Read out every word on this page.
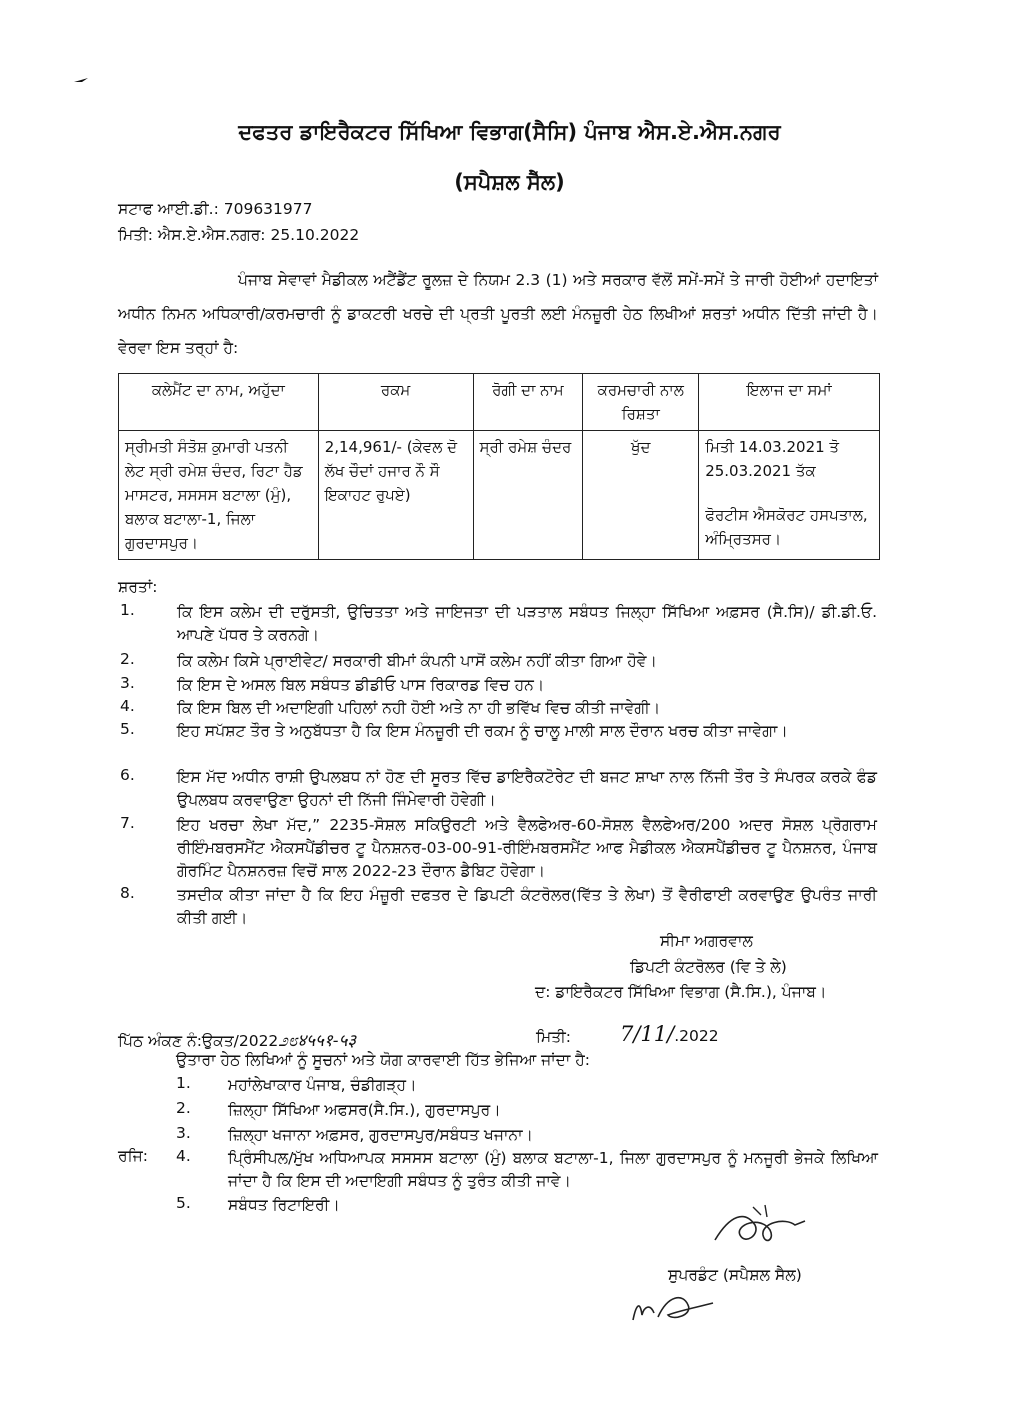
ਦਫਤਰ ਡਾਇਰੈਕਟਰ ਸਿੱਖਿਆ ਵਿਭਾਗ(ਸੈਸਿ) ਪੰਜਾਬ ਐਸ.ਏ.ਐਸ.ਨਗਰ
(ਸਪੈਸ਼ਲ ਸੈੱਲ)
ਸਟਾਫ ਆਈ.ਡੀ.: 709631977
ਮਿਤੀ: ਐਸ.ਏ.ਐਸ.ਨਗਰ: 25.10.2022
ਪੰਜਾਬ ਸੇਵਾਵਾਂ ਮੈਡੀਕਲ ਅਟੈਂਡੈਂਟ ਰੂਲਜ਼ ਦੇ ਨਿਯਮ 2.3 (1) ਅਤੇ ਸਰਕਾਰ ਵੱਲੋਂ ਸਮੇਂ-ਸਮੇਂ ਤੇ ਜਾਰੀ ਹੋਈਆਂ ਹਦਾਇਤਾਂ ਅਧੀਨ ਨਿਮਨ ਅਧਿਕਾਰੀ/ਕਰਮਚਾਰੀ ਨੂੰ ਡਾਕਟਰੀ ਖਰਚੇ ਦੀ ਪ੍ਰਤੀ ਪੂਰਤੀ ਲਈ ਮੰਨਜ਼ੂਰੀ ਹੇਠ ਲਿਖੀਆਂ ਸ਼ਰਤਾਂ ਅਧੀਨ ਦਿੱਤੀ ਜਾਂਦੀ ਹੈ। ਵੇਰਵਾ ਇਸ ਤਰ੍ਹਾਂ ਹੈ:
ਕਲੇਮੈਂਟ ਦਾ ਨਾਮ, ਅਹੁੱਦਾ	ਰਕਮ	ਰੋਗੀ ਦਾ ਨਾਮ	ਕਰਮਚਾਰੀ ਨਾਲ ਰਿਸ਼ਤਾ	ਇਲਾਜ ਦਾ ਸਮਾਂ
ਸ੍ਰੀਮਤੀ ਸੰਤੋਸ਼ ਕੁਮਾਰੀ ਪਤਨੀ ਲੇਟ ਸ੍ਰੀ ਰਮੇਸ਼ ਚੰਦਰ, ਰਿਟਾ ਹੈਡ ਮਾਸਟਰ, ਸਸਸਸ ਬਟਾਲਾ (ਮੁੰ), ਬਲਾਕ ਬਟਾਲਾ-1, ਜਿਲਾ ਗੁਰਦਾਸਪੁਰ।	2,14,961/- (ਕੇਵਲ ਦੋ ਲੱਖ ਚੌਦਾਂ ਹਜਾਰ ਨੌ ਸੌ ਇਕਾਹਟ ਰੁਪਏ)	ਸ੍ਰੀ ਰਮੇਸ਼ ਚੰਦਰ	ਖੁੱਦ	ਮਿਤੀ 14.03.2021 ਤੋ 25.03.2021 ਤੱਕ
ਫੋਰਟੀਸ ਐਸਕੋਰਟ ਹਸਪਤਾਲ, ਅੰਮ੍ਰਿਤਸਰ।
ਸ਼ਰਤਾਂ:
1.	ਕਿ ਇਸ ਕਲੇਮ ਦੀ ਦਰੁੱਸਤੀ, ਉਚਿਤਤਾ ਅਤੇ ਜਾਇਜਤਾ ਦੀ ਪੜਤਾਲ ਸਬੰਧਤ ਜਿਲ੍ਹਾ ਸਿੱਖਿਆ ਅਫ਼ਸਰ (ਸੈ.ਸਿ)/ ਡੀ.ਡੀ.ਓ. ਆਪਣੇ ਪੱਧਰ ਤੇ ਕਰਨਗੇ।
2.	ਕਿ ਕਲੇਮ ਕਿਸੇ ਪ੍ਰਾਈਵੇਟ/ ਸਰਕਾਰੀ ਬੀਮਾਂ ਕੰਪਨੀ ਪਾਸੋਂ ਕਲੇਮ ਨਹੀਂ ਕੀਤਾ ਗਿਆ ਹੋਵੇ।
3.	ਕਿ ਇਸ ਦੇ ਅਸਲ ਬਿਲ ਸਬੰਧਤ ਡੀਡੀਓ ਪਾਸ ਰਿਕਾਰਡ ਵਿਚ ਹਨ।
4.	ਕਿ ਇਸ ਬਿਲ ਦੀ ਅਦਾਇਗੀ ਪਹਿਲਾਂ ਨਹੀ ਹੋਈ ਅਤੇ ਨਾ ਹੀ ਭਵਿੱਖ ਵਿਚ ਕੀਤੀ ਜਾਵੇਗੀ।
5.	ਇਹ ਸਪੱਸ਼ਟ ਤੌਰ ਤੇ ਅਨੁਬੱਧਤਾ ਹੈ ਕਿ ਇਸ ਮੰਨਜ਼ੂਰੀ ਦੀ ਰਕਮ ਨੂੰ ਚਾਲੂ ਮਾਲੀ ਸਾਲ ਦੌਰਾਨ ਖਰਚ ਕੀਤਾ ਜਾਵੇਗਾ।
6.	ਇਸ ਮੱਦ ਅਧੀਨ ਰਾਸ਼ੀ ਉਪਲਬਧ ਨਾਂ ਹੋਣ ਦੀ ਸੂਰਤ ਵਿੱਚ ਡਾਇਰੈਕਟੋਰੇਟ ਦੀ ਬਜਟ ਸ਼ਾਖਾ ਨਾਲ ਨਿੱਜੀ ਤੌਰ ਤੇ ਸੰਪਰਕ ਕਰਕੇ ਫੰਡ ਉਪਲਬਧ ਕਰਵਾਉਣਾ ਉਹਨਾਂ ਦੀ ਨਿੱਜੀ ਜਿੰਮੇਵਾਰੀ ਹੋਵੇਗੀ।
7.	ਇਹ ਖਰਚਾ ਲੇਖਾ ਮੱਦ,” 2235-ਸੋਸ਼ਲ ਸਕਿਉਰਟੀ ਅਤੇ ਵੈਲਫੇਅਰ-60-ਸੋਸ਼ਲ ਵੈਲਫੇਅਰ/200 ਅਦਰ ਸੋਸ਼ਲ ਪ੍ਰੋਗਰਾਮ ਰੀਇੰਮਬਰਸਮੈਂਟ ਐਕਸਪੈਂਡੀਚਰ ਟੂ ਪੈਨਸ਼ਨਰ-03-00-91-ਰੀਇੰਮਬਰਸਮੈਂਟ ਆਫ ਮੈਡੀਕਲ ਐਕਸਪੈਂਡੀਚਰ ਟੂ ਪੈਨਸ਼ਨਰ, ਪੰਜਾਬ ਗੋਰਮਿੰਟ ਪੈਨਸ਼ਨਰਜ਼ ਵਿਚੋਂ ਸਾਲ 2022-23 ਦੌਰਾਨ ਡੈਬਿਟ ਹੋਵੇਗਾ।
8.	ਤਸਦੀਕ ਕੀਤਾ ਜਾਂਦਾ ਹੈ ਕਿ ਇਹ ਮੰਜ਼ੂਰੀ ਦਫਤਰ ਦੇ ਡਿਪਟੀ ਕੰਟਰੋਲਰ(ਵਿੱਤ ਤੇ ਲੇਖਾ) ਤੋਂ ਵੈਰੀਫਾਈ ਕਰਵਾਉਣ ਉਪਰੰਤ ਜਾਰੀ ਕੀਤੀ ਗਈ।
ਸੀਮਾ ਅਗਰਵਾਲ
ਡਿਪਟੀ ਕੰਟਰੋਲਰ (ਵਿ ਤੇ ਲੇ)
ਦ: ਡਾਇਰੈਕਟਰ ਸਿੱਖਿਆ ਵਿਭਾਗ (ਸੈ.ਸਿ.), ਪੰਜਾਬ।
ਪਿੱਠ ਅੰਕਣ ਨੰ:ਉਕਤ/2022೨೮४५५१-५३	ਮਿਤੀ: 7/11/.2022
ਉਤਾਰਾ ਹੇਠ ਲਿਖਿਆਂ ਨੂੰ ਸੂਚਨਾਂ ਅਤੇ ਯੋਗ ਕਾਰਵਾਈ ਹਿੱਤ ਭੇਜਿਆ ਜਾਂਦਾ ਹੈ:
1. ਮਹਾਂਲੇਖਾਕਾਰ ਪੰਜਾਬ, ਚੰਡੀਗੜ੍ਹ।
2. ਜ਼ਿਲ੍ਹਾ ਸਿੱਖਿਆ ਅਫਸਰ(ਸੈ.ਸਿ.), ਗੁਰਦਾਸਪੁਰ।
3. ਜ਼ਿਲ੍ਹਾ ਖਜਾਨਾ ਅਫ਼ਸਰ, ਗੁਰਦਾਸਪੁਰ/ਸਬੰਧਤ ਖਜਾਨਾ।
ਰਜਿ: 4. ਪ੍ਰਿੰਸੀਪਲ/ਮੁੱਖ ਅਧਿਆਪਕ ਸਸਸਸ ਬਟਾਲਾ (ਮੁੰ) ਬਲਾਕ ਬਟਾਲਾ-1, ਜਿਲਾ ਗੁਰਦਾਸਪੁਰ ਨੂੰ ਮਨਜੂਰੀ ਭੇਜਕੇ ਲਿਖਿਆ ਜਾਂਦਾ ਹੈ ਕਿ ਇਸ ਦੀ ਅਦਾਇਗੀ ਸਬੰਧਤ ਨੂੰ ਤੁਰੰਤ ਕੀਤੀ ਜਾਵੇ।
5. ਸਬੰਧਤ ਰਿਟਾਇਰੀ।
ਸੁਪਰਡੰਟ (ਸਪੈਸ਼ਲ ਸੈਲ)
